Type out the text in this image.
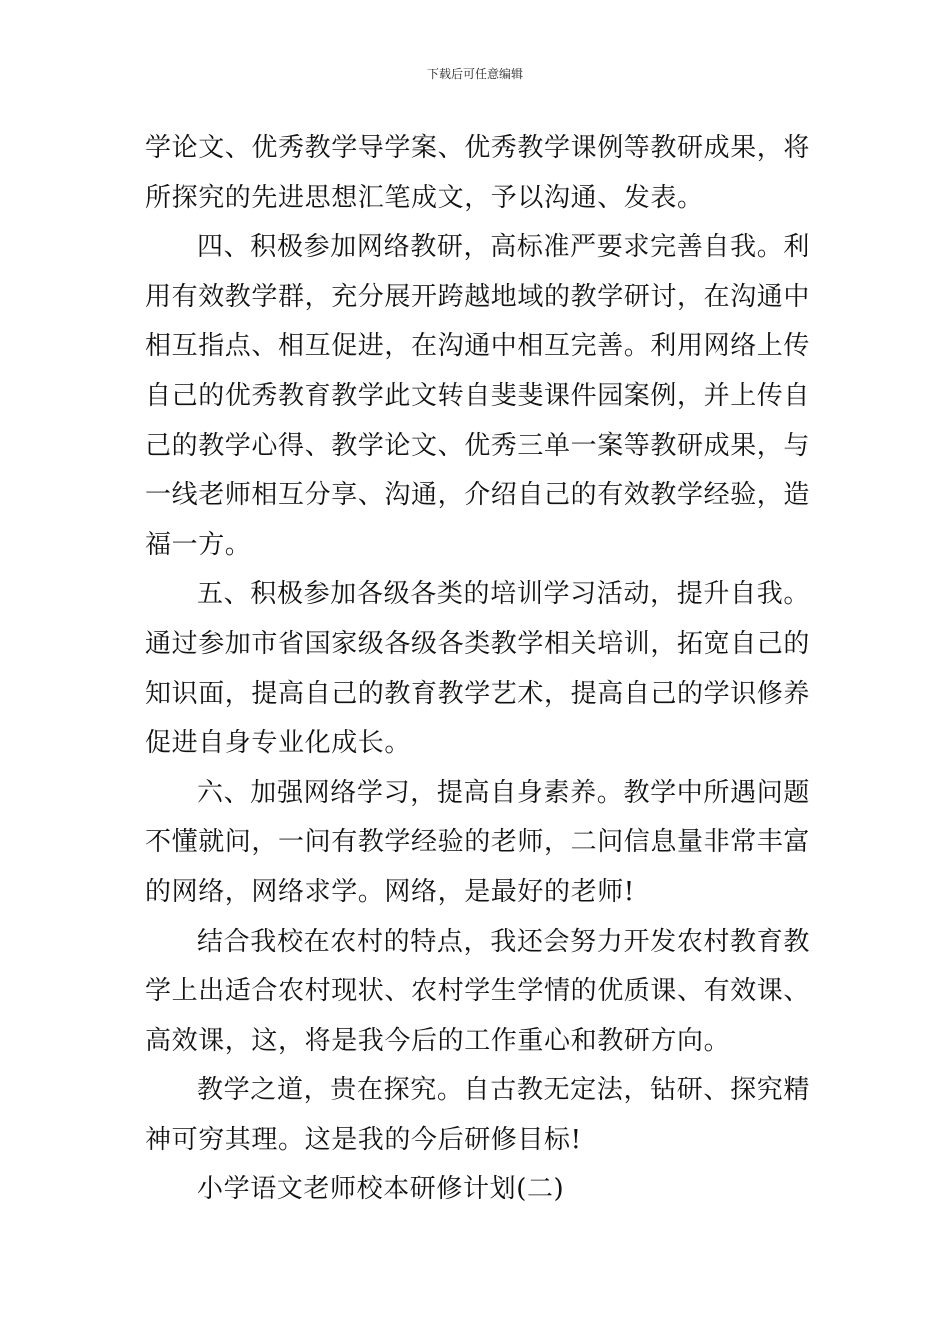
下载后可任意编辑

学论文、优秀教学导学案、优秀教学课例等教研成果，将所探究的先进思想汇笔成文，予以沟通、发表。

四、积极参加网络教研，高标准严要求完善自我。利用有效教学群，充分展开跨越地域的教学研讨，在沟通中相互指点、相互促进，在沟通中相互完善。利用网络上传自己的优秀教育教学此文转自斐斐课件园案例，并上传自己的教学心得、教学论文、优秀三单一案等教研成果，与一线老师相互分享、沟通，介绍自己的有效教学经验，造福一方。

五、积极参加各级各类的培训学习活动，提升自我。通过参加市省国家级各级各类教学相关培训，拓宽自己的知识面，提高自己的教育教学艺术，提高自己的学识修养促进自身专业化成长。

六、加强网络学习，提高自身素养。教学中所遇问题不懂就问，一问有教学经验的老师，二问信息量非常丰富的网络，网络求学。网络，是最好的老师!

结合我校在农村的特点，我还会努力开发农村教育教学上出适合农村现状、农村学生学情的优质课、有效课、高效课，这，将是我今后的工作重心和教研方向。

教学之道，贵在探究。自古教无定法，钻研、探究精神可穷其理。这是我的今后研修目标!

小学语文老师校本研修计划(二)
